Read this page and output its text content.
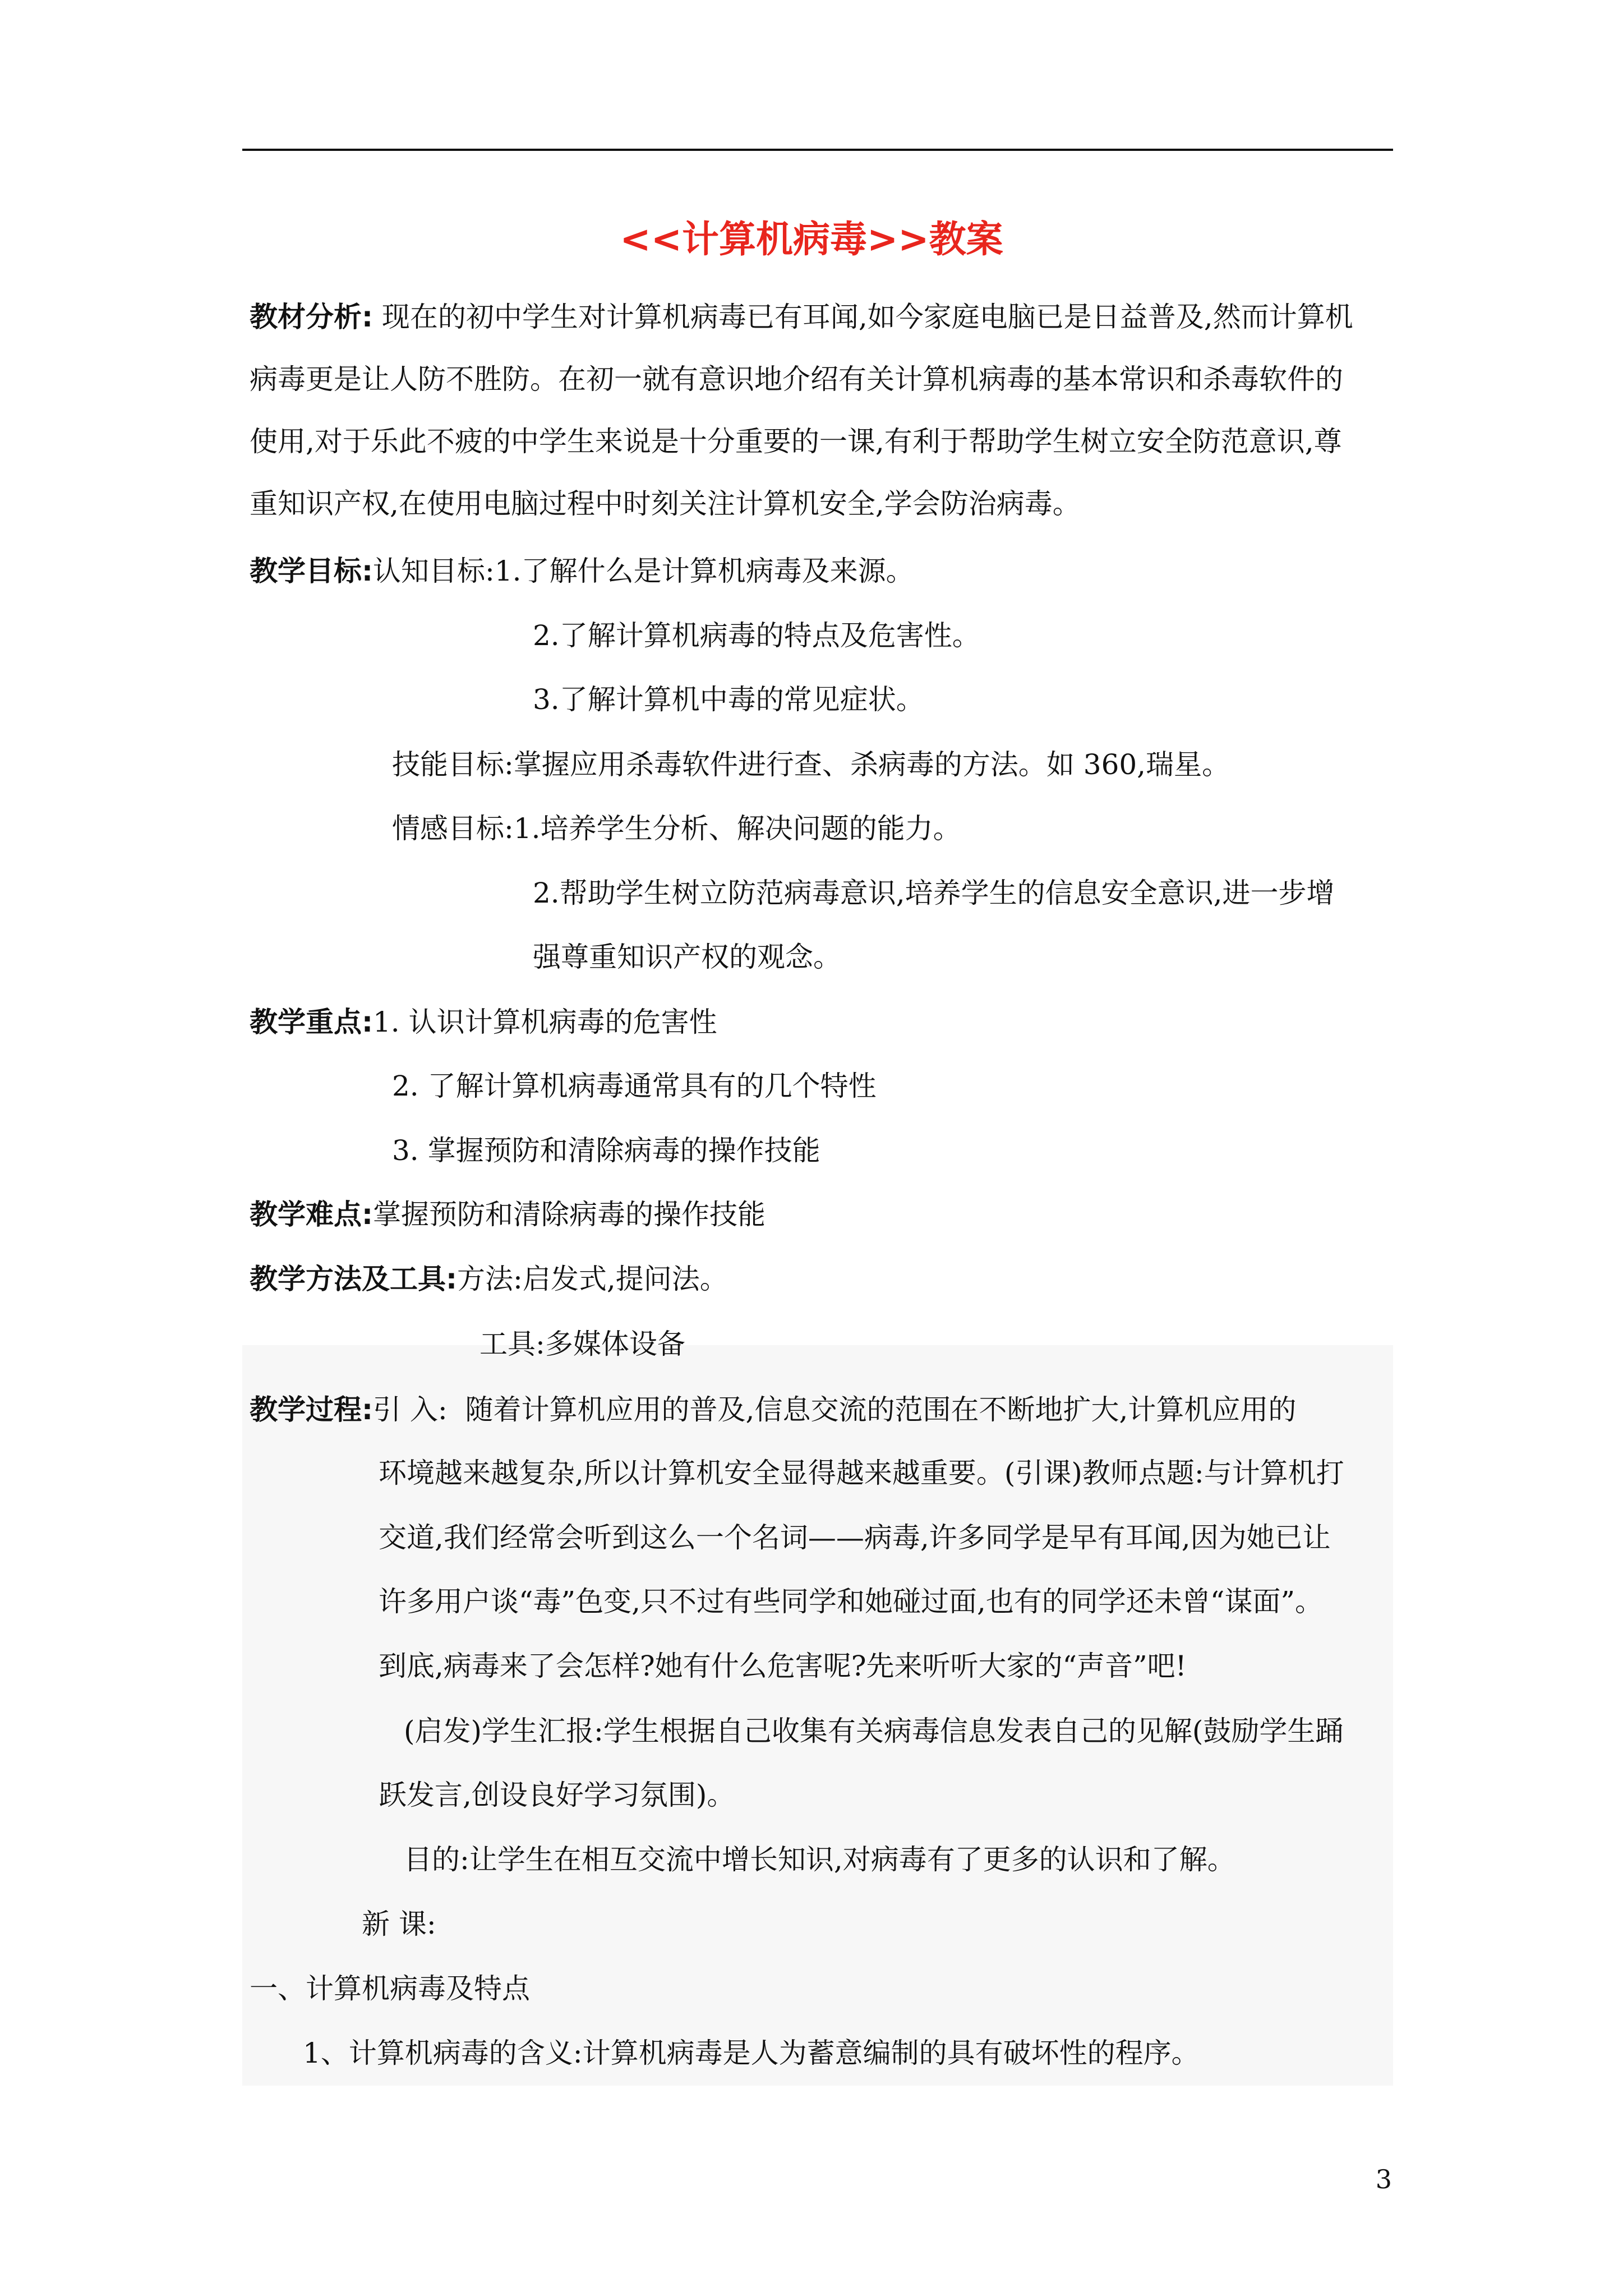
<<计算机病毒>>教案
教材分析: 现在的初中学生对计算机病毒已有耳闻,如今家庭电脑已是日益普及,然而计算机
病毒更是让人防不胜防。在初一就有意识地介绍有关计算机病毒的基本常识和杀毒软件的
使用,对于乐此不疲的中学生来说是十分重要的一课,有利于帮助学生树立安全防范意识,尊
重知识产权,在使用电脑过程中时刻关注计算机安全,学会防治病毒。
教学目标:认知目标:1.了解什么是计算机病毒及来源。
2.了解计算机病毒的特点及危害性。
3.了解计算机中毒的常见症状。
技能目标:掌握应用杀毒软件进行查、杀病毒的方法。如 360,瑞星。
情感目标:1.培养学生分析、解决问题的能力。
2.帮助学生树立防范病毒意识,培养学生的信息安全意识,进一步增
强尊重知识产权的观念。
教学重点:1. 认识计算机病毒的危害性
2. 了解计算机病毒通常具有的几个特性
3. 掌握预防和清除病毒的操作技能
教学难点:掌握预防和清除病毒的操作技能
教学方法及工具:方法:启发式,提问法。
工具:多媒体设备
教学过程:引 入: 随着计算机应用的普及,信息交流的范围在不断地扩大,计算机应用的
环境越来越复杂,所以计算机安全显得越来越重要。(引课)教师点题:与计算机打
交道,我们经常会听到这么一个名词——病毒,许多同学是早有耳闻,因为她已让
许多用户谈“毒”色变,只不过有些同学和她碰过面,也有的同学还未曾“谋面”。
到底,病毒来了会怎样?她有什么危害呢?先来听听大家的“声音”吧!
(启发)学生汇报:学生根据自己收集有关病毒信息发表自己的见解(鼓励学生踊
跃发言,创设良好学习氛围)。
目的:让学生在相互交流中增长知识,对病毒有了更多的认识和了解。
新 课:
一、计算机病毒及特点
1、计算机病毒的含义:计算机病毒是人为蓄意编制的具有破坏性的程序。
3
